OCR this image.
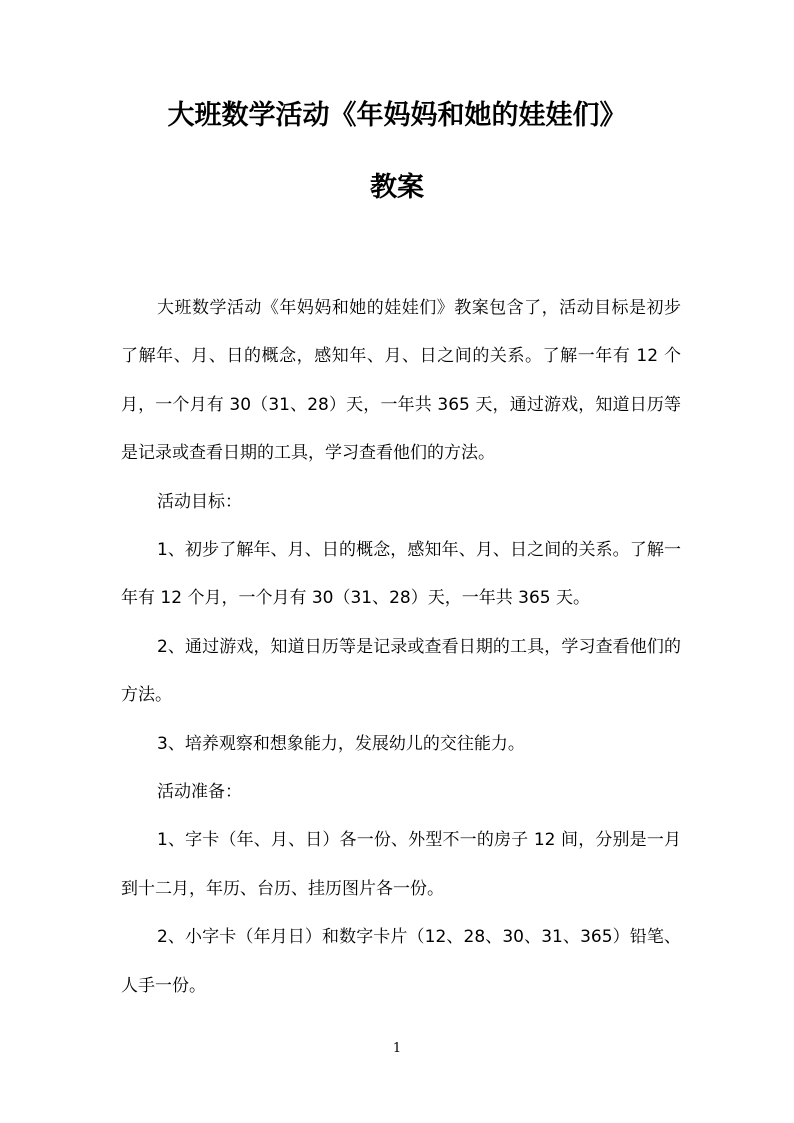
大班数学活动《年妈妈和她的娃娃们》
教案

大班数学活动《年妈妈和她的娃娃们》教案包含了，活动目标是初步了解年、月、日的概念，感知年、月、日之间的关系。了解一年有 12 个月，一个月有 30（31、28）天，一年共 365 天，通过游戏，知道日历等是记录或查看日期的工具，学习查看他们的方法。

活动目标：

1、初步了解年、月、日的概念，感知年、月、日之间的关系。了解一年有 12 个月，一个月有 30（31、28）天，一年共 365 天。

2、通过游戏，知道日历等是记录或查看日期的工具，学习查看他们的方法。

3、培养观察和想象能力，发展幼儿的交往能力。

活动准备：

1、字卡（年、月、日）各一份、外型不一的房子 12 间，分别是一月到十二月，年历、台历、挂历图片各一份。

2、小字卡（年月日）和数字卡片（12、28、30、31、365）铅笔、人手一份。

1
